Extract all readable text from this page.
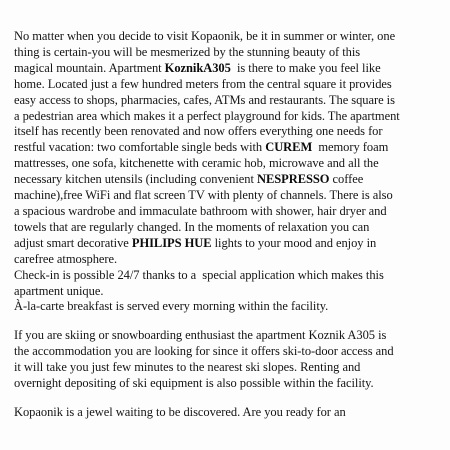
No matter when you decide to visit Kopaonik, be it in summer or winter, one
thing is certain-you will be mesmerized by the stunning beauty of this
magical mountain. Apartment KoznikA305  is there to make you feel like
home. Located just a few hundred meters from the central square it provides
easy access to shops, pharmacies, cafes, ATMs and restaurants. The square is
a pedestrian area which makes it a perfect playground for kids. The apartment
itself has recently been renovated and now offers everything one needs for
restful vacation: two comfortable single beds with CUREM  memory foam
mattresses, one sofa, kitchenette with ceramic hob, microwave and all the
necessary kitchen utensils (including convenient NESPRESSO coffee
machine),free WiFi and flat screen TV with plenty of channels. There is also
a spacious wardrobe and immaculate bathroom with shower, hair dryer and
towels that are regularly changed. In the moments of relaxation you can
adjust smart decorative PHILIPS HUE lights to your mood and enjoy in
carefree atmosphere.
Check-in is possible 24/7 thanks to a  special application which makes this
apartment unique.
À-la-carte breakfast is served every morning within the facility.

If you are skiing or snowboarding enthusiast the apartment Koznik A305 is
the accommodation you are looking for since it offers ski-to-door access and
it will take you just few minutes to the nearest ski slopes. Renting and
overnight depositing of ski equipment is also possible within the facility.

Kopaonik is a jewel waiting to be discovered. Are you ready for an
